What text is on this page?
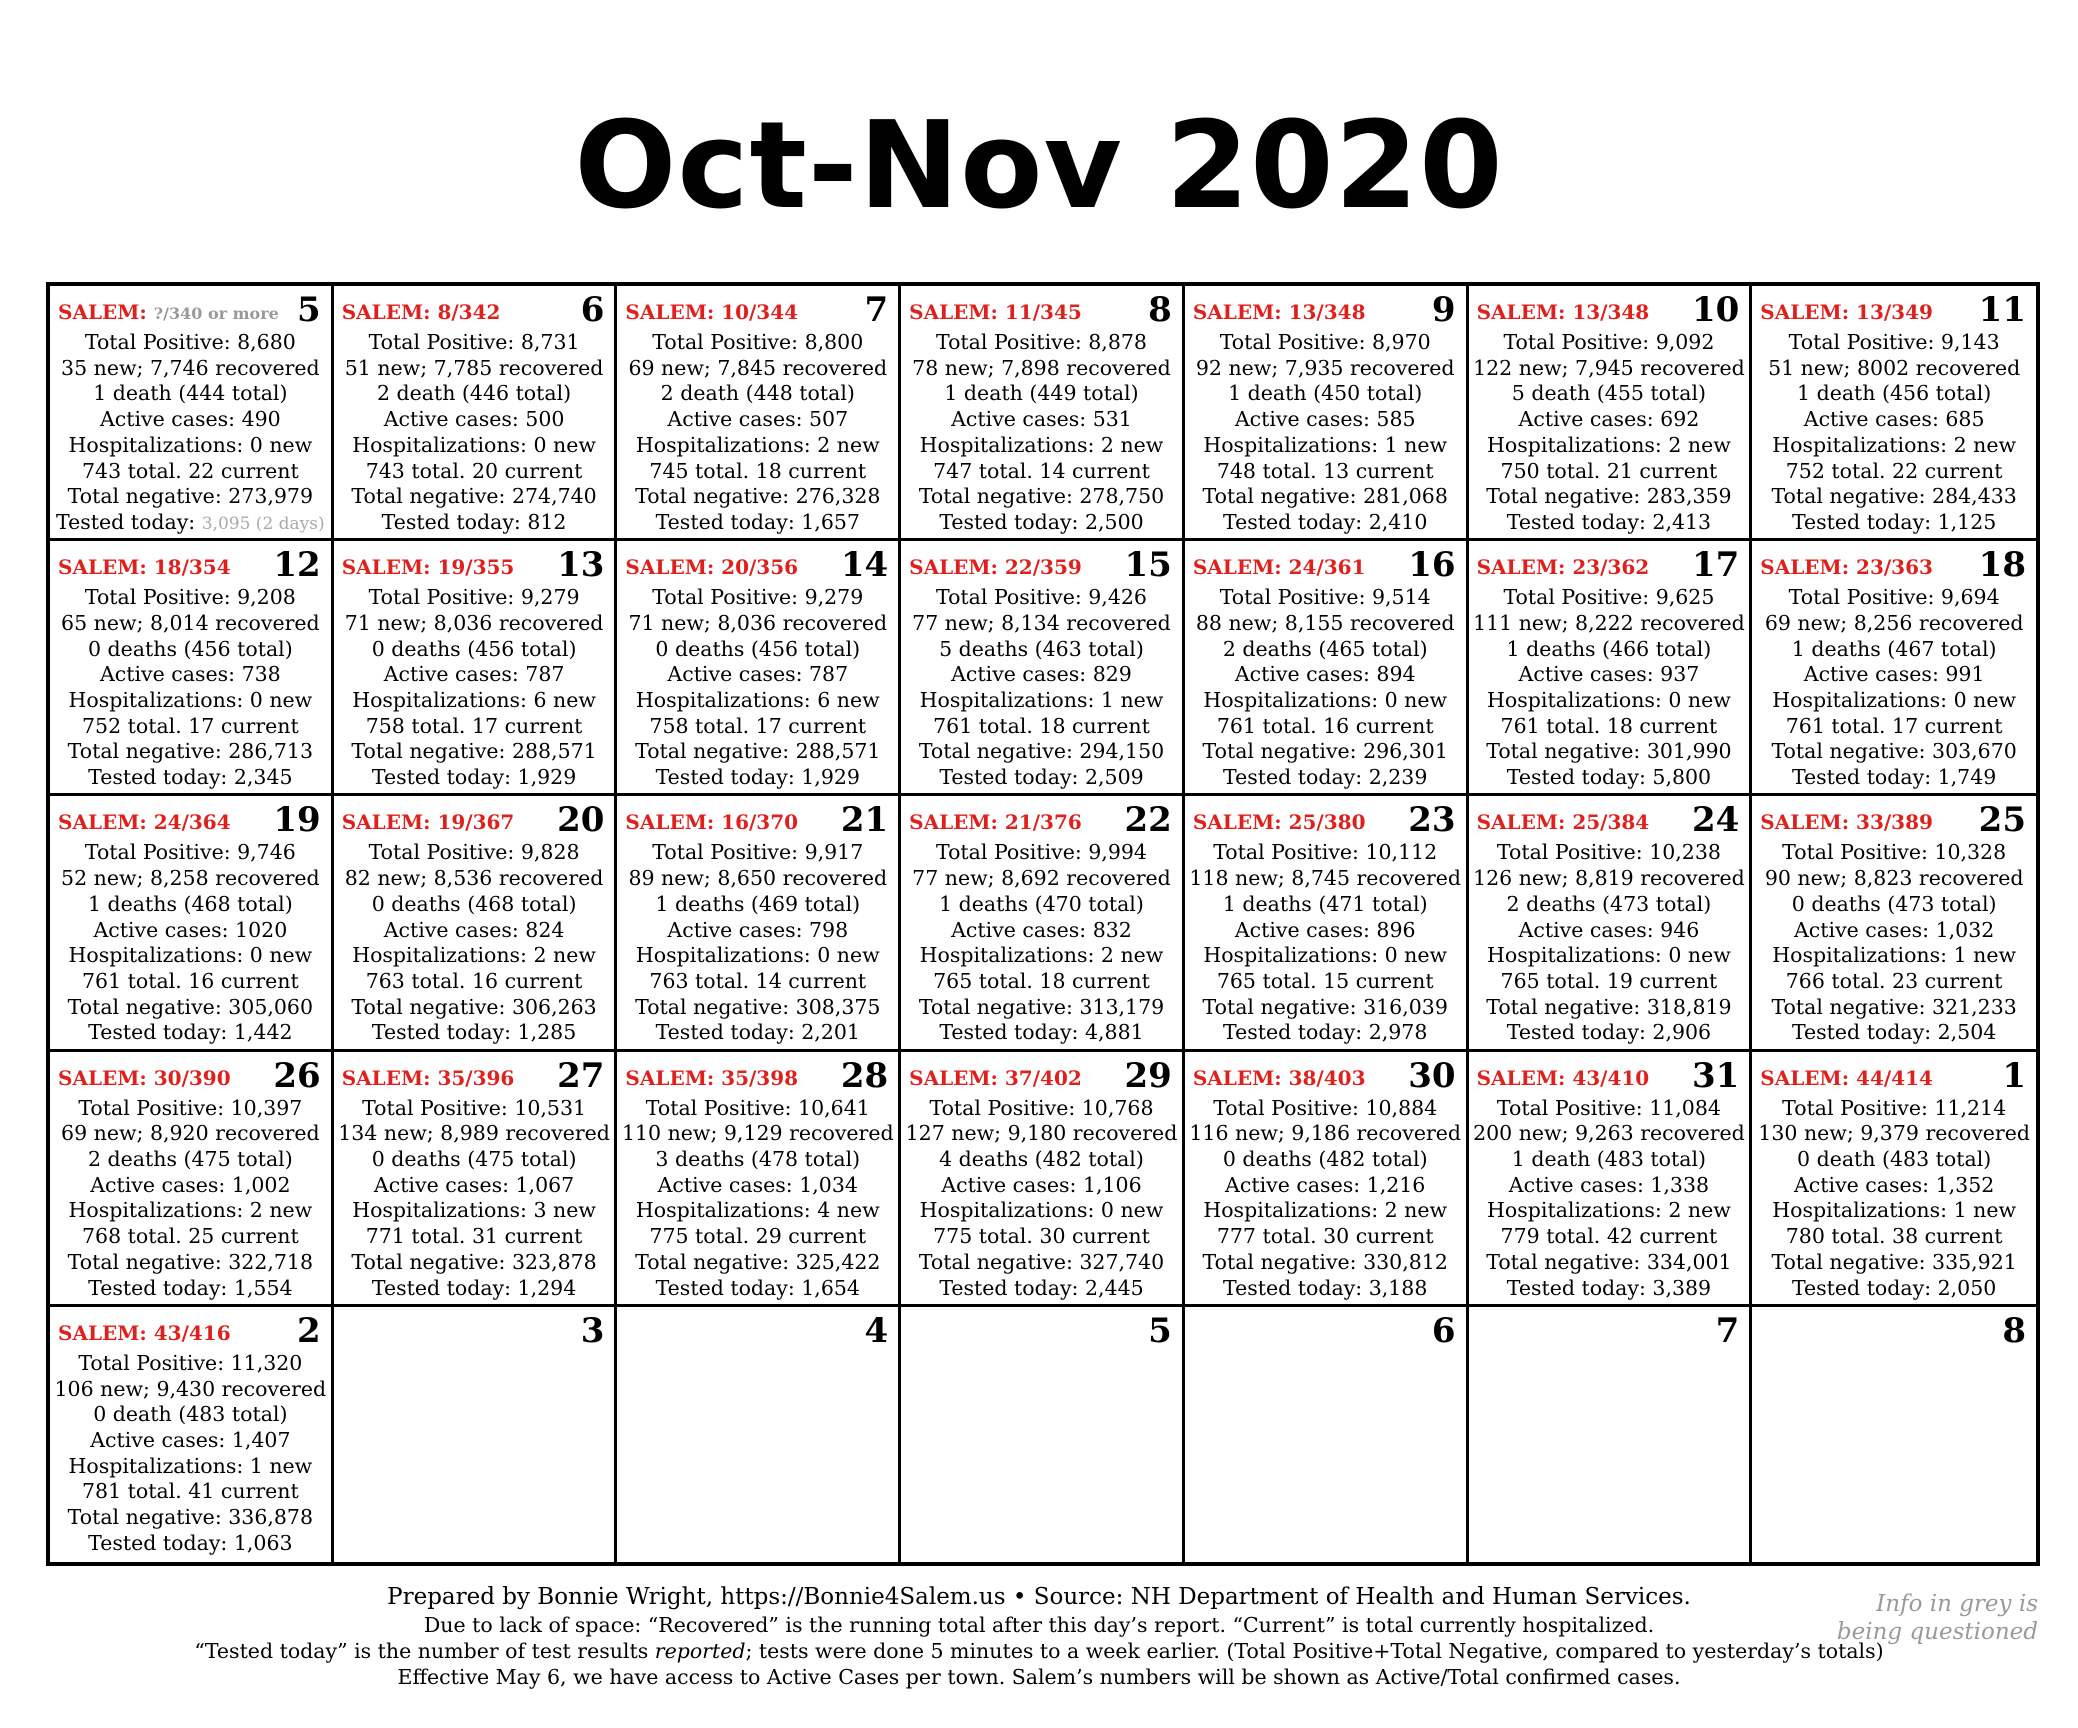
Oct-Nov 2020
SALEM: ?/340 or more 5
Total Positive: 8,680
35 new; 7,746 recovered
1 death (444 total)
Active cases: 490
Hospitalizations: 0 new
743 total. 22 current
Total negative: 273,979
Tested today: 3,095 (2 days)
SALEM: 8/342 6
Total Positive: 8,731
51 new; 7,785 recovered
2 death (446 total)
Active cases: 500
Hospitalizations: 0 new
743 total. 20 current
Total negative: 274,740
Tested today: 812
SALEM: 10/344 7
Total Positive: 8,800
69 new; 7,845 recovered
2 death (448 total)
Active cases: 507
Hospitalizations: 2 new
745 total. 18 current
Total negative: 276,328
Tested today: 1,657
SALEM: 11/345 8
Total Positive: 8,878
78 new; 7,898 recovered
1 death (449 total)
Active cases: 531
Hospitalizations: 2 new
747 total. 14 current
Total negative: 278,750
Tested today: 2,500
SALEM: 13/348 9
Total Positive: 8,970
92 new; 7,935 recovered
1 death (450 total)
Active cases: 585
Hospitalizations: 1 new
748 total. 13 current
Total negative: 281,068
Tested today: 2,410
SALEM: 13/348 10
Total Positive: 9,092
122 new; 7,945 recovered
5 death (455 total)
Active cases: 692
Hospitalizations: 2 new
750 total. 21 current
Total negative: 283,359
Tested today: 2,413
SALEM: 13/349 11
Total Positive: 9,143
51 new; 8002 recovered
1 death (456 total)
Active cases: 685
Hospitalizations: 2 new
752 total. 22 current
Total negative: 284,433
Tested today: 1,125
SALEM: 18/354 12
Total Positive: 9,208
65 new; 8,014 recovered
0 deaths (456 total)
Active cases: 738
Hospitalizations: 0 new
752 total. 17 current
Total negative: 286,713
Tested today: 2,345
SALEM: 19/355 13
Total Positive: 9,279
71 new; 8,036 recovered
0 deaths (456 total)
Active cases: 787
Hospitalizations: 6 new
758 total. 17 current
Total negative: 288,571
Tested today: 1,929
SALEM: 20/356 14
Total Positive: 9,279
71 new; 8,036 recovered
0 deaths (456 total)
Active cases: 787
Hospitalizations: 6 new
758 total. 17 current
Total negative: 288,571
Tested today: 1,929
SALEM: 22/359 15
Total Positive: 9,426
77 new; 8,134 recovered
5 deaths (463 total)
Active cases: 829
Hospitalizations: 1 new
761 total. 18 current
Total negative: 294,150
Tested today: 2,509
SALEM: 24/361 16
Total Positive: 9,514
88 new; 8,155 recovered
2 deaths (465 total)
Active cases: 894
Hospitalizations: 0 new
761 total. 16 current
Total negative: 296,301
Tested today: 2,239
SALEM: 23/362 17
Total Positive: 9,625
111 new; 8,222 recovered
1 deaths (466 total)
Active cases: 937
Hospitalizations: 0 new
761 total. 18 current
Total negative: 301,990
Tested today: 5,800
SALEM: 23/363 18
Total Positive: 9,694
69 new; 8,256 recovered
1 deaths (467 total)
Active cases: 991
Hospitalizations: 0 new
761 total. 17 current
Total negative: 303,670
Tested today: 1,749
SALEM: 24/364 19
Total Positive: 9,746
52 new; 8,258 recovered
1 deaths (468 total)
Active cases: 1020
Hospitalizations: 0 new
761 total. 16 current
Total negative: 305,060
Tested today: 1,442
SALEM: 19/367 20
Total Positive: 9,828
82 new; 8,536 recovered
0 deaths (468 total)
Active cases: 824
Hospitalizations: 2 new
763 total. 16 current
Total negative: 306,263
Tested today: 1,285
SALEM: 16/370 21
Total Positive: 9,917
89 new; 8,650 recovered
1 deaths (469 total)
Active cases: 798
Hospitalizations: 0 new
763 total. 14 current
Total negative: 308,375
Tested today: 2,201
SALEM: 21/376 22
Total Positive: 9,994
77 new; 8,692 recovered
1 deaths (470 total)
Active cases: 832
Hospitalizations: 2 new
765 total. 18 current
Total negative: 313,179
Tested today: 4,881
SALEM: 25/380 23
Total Positive: 10,112
118 new; 8,745 recovered
1 deaths (471 total)
Active cases: 896
Hospitalizations: 0 new
765 total. 15 current
Total negative: 316,039
Tested today: 2,978
SALEM: 25/384 24
Total Positive: 10,238
126 new; 8,819 recovered
2 deaths (473 total)
Active cases: 946
Hospitalizations: 0 new
765 total. 19 current
Total negative: 318,819
Tested today: 2,906
SALEM: 33/389 25
Total Positive: 10,328
90 new; 8,823 recovered
0 deaths (473 total)
Active cases: 1,032
Hospitalizations: 1 new
766 total. 23 current
Total negative: 321,233
Tested today: 2,504
SALEM: 30/390 26
Total Positive: 10,397
69 new; 8,920 recovered
2 deaths (475 total)
Active cases: 1,002
Hospitalizations: 2 new
768 total. 25 current
Total negative: 322,718
Tested today: 1,554
SALEM: 35/396 27
Total Positive: 10,531
134 new; 8,989 recovered
0 deaths (475 total)
Active cases: 1,067
Hospitalizations: 3 new
771 total. 31 current
Total negative: 323,878
Tested today: 1,294
SALEM: 35/398 28
Total Positive: 10,641
110 new; 9,129 recovered
3 deaths (478 total)
Active cases: 1,034
Hospitalizations: 4 new
775 total. 29 current
Total negative: 325,422
Tested today: 1,654
SALEM: 37/402 29
Total Positive: 10,768
127 new; 9,180 recovered
4 deaths (482 total)
Active cases: 1,106
Hospitalizations: 0 new
775 total. 30 current
Total negative: 327,740
Tested today: 2,445
SALEM: 38/403 30
Total Positive: 10,884
116 new; 9,186 recovered
0 deaths (482 total)
Active cases: 1,216
Hospitalizations: 2 new
777 total. 30 current
Total negative: 330,812
Tested today: 3,188
SALEM: 43/410 31
Total Positive: 11,084
200 new; 9,263 recovered
1 death (483 total)
Active cases: 1,338
Hospitalizations: 2 new
779 total. 42 current
Total negative: 334,001
Tested today: 3,389
SALEM: 44/414 1
Total Positive: 11,214
130 new; 9,379 recovered
0 death (483 total)
Active cases: 1,352
Hospitalizations: 1 new
780 total. 38 current
Total negative: 335,921
Tested today: 2,050
SALEM: 43/416 2
Total Positive: 11,320
106 new; 9,430 recovered
0 death (483 total)
Active cases: 1,407
Hospitalizations: 1 new
781 total. 41 current
Total negative: 336,878
Tested today: 1,063
3	4	5	6	7	8
Prepared by Bonnie Wright, https://Bonnie4Salem.us • Source: NH Department of Health and Human Services.
Due to lack of space: “Recovered” is the running total after this day’s report. “Current” is total currently hospitalized.
“Tested today” is the number of test results reported; tests were done 5 minutes to a week earlier. (Total Positive+Total Negative, compared to yesterday’s totals)
Effective May 6, we have access to Active Cases per town. Salem’s numbers will be shown as Active/Total confirmed cases.
Info in grey is
being questioned
